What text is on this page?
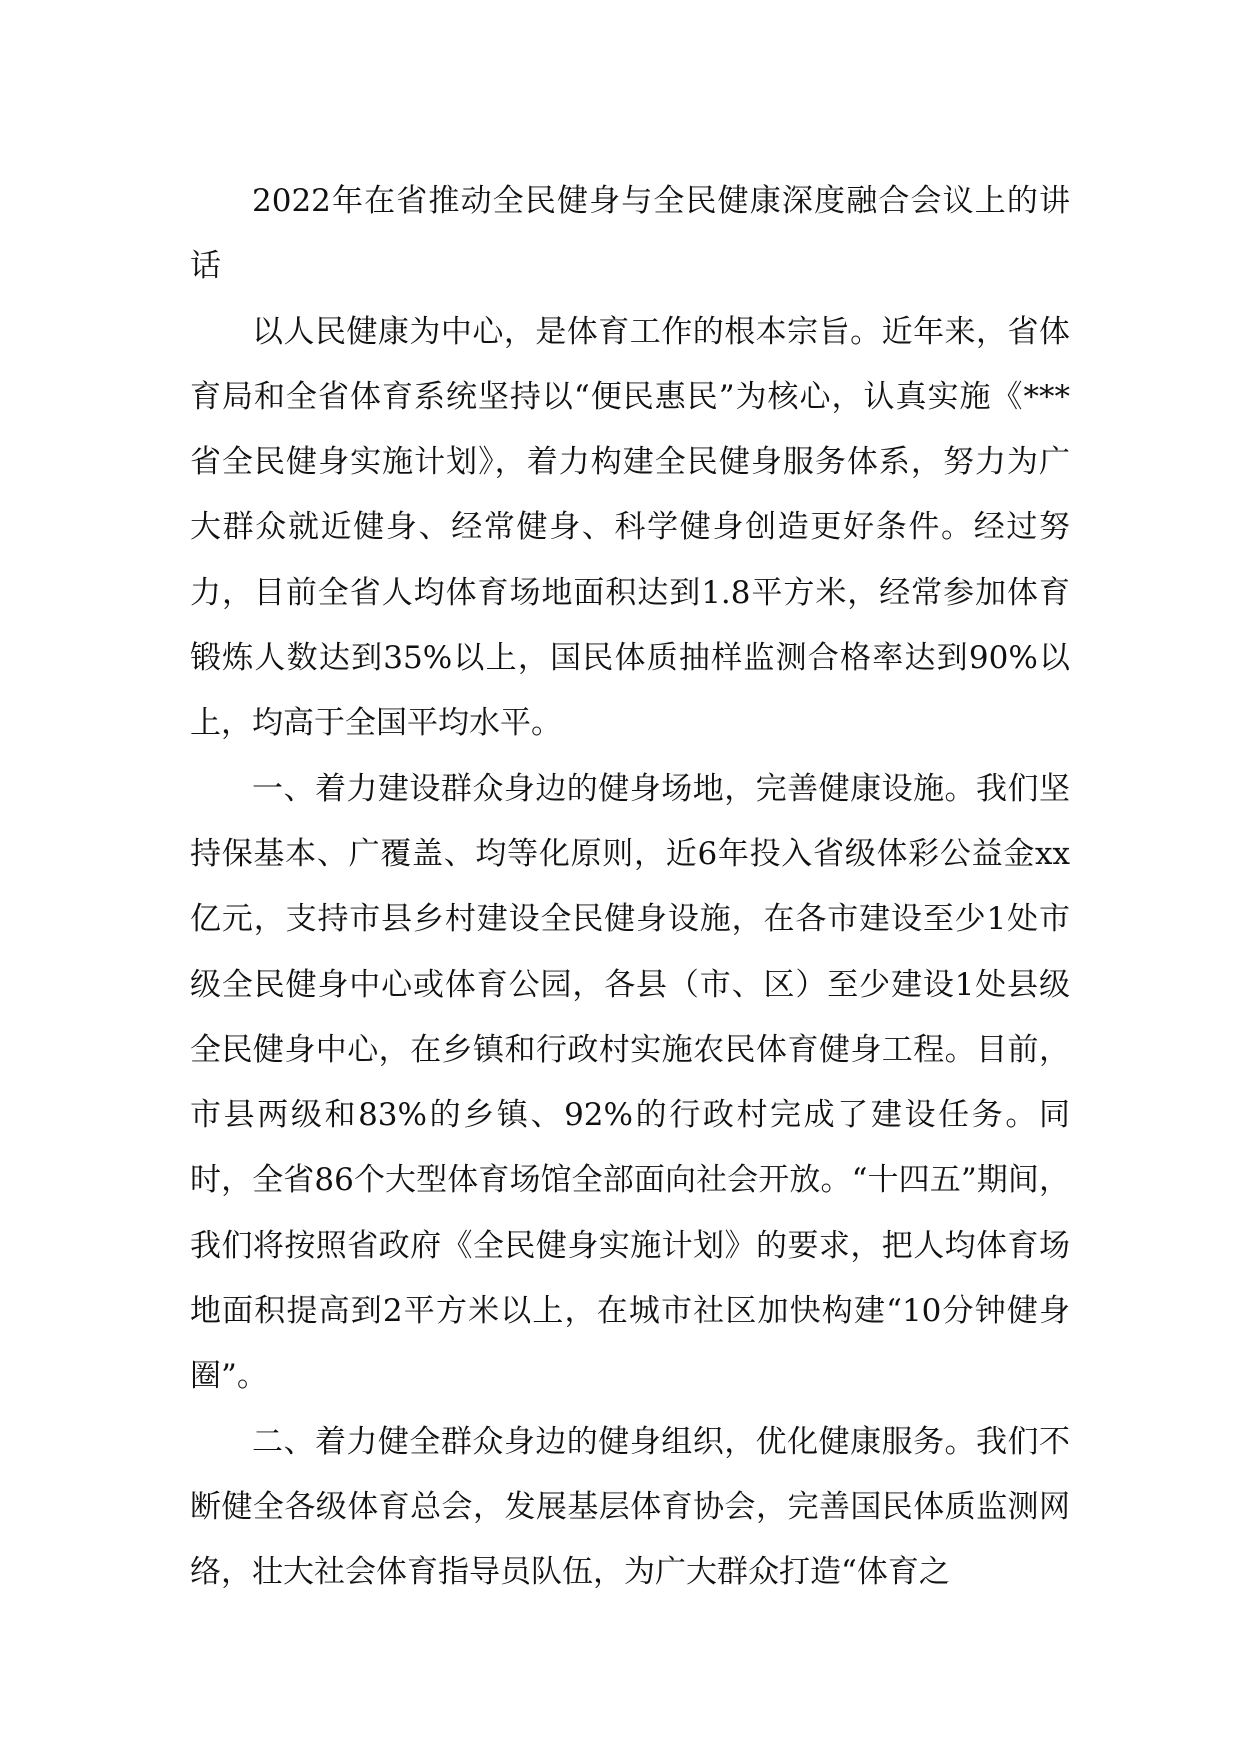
2022年在省推动全民健身与全民健康深度融合会议上的讲话

以人民健康为中心，是体育工作的根本宗旨。近年来，省体育局和全省体育系统坚持以“便民惠民”为核心，认真实施《***省全民健身实施计划》，着力构建全民健身服务体系，努力为广大群众就近健身、经常健身、科学健身创造更好条件。经过努力，目前全省人均体育场地面积达到1.8平方米，经常参加体育锻炼人数达到35%以上，国民体质抽样监测合格率达到90%以上，均高于全国平均水平。

一、着力建设群众身边的健身场地，完善健康设施。我们坚持保基本、广覆盖、均等化原则，近6年投入省级体彩公益金xx亿元，支持市县乡村建设全民健身设施，在各市建设至少1处市级全民健身中心或体育公园，各县（市、区）至少建设1处县级全民健身中心，在乡镇和行政村实施农民体育健身工程。目前，市县两级和83%的乡镇、92%的行政村完成了建设任务。同时，全省86个大型体育场馆全部面向社会开放。“十四五”期间，我们将按照省政府《全民健身实施计划》的要求，把人均体育场地面积提高到2平方米以上，在城市社区加快构建“10分钟健身圈”。

二、着力健全群众身边的健身组织，优化健康服务。我们不断健全各级体育总会，发展基层体育协会，完善国民体质监测网络，壮大社会体育指导员队伍，为广大群众打造“体育之
